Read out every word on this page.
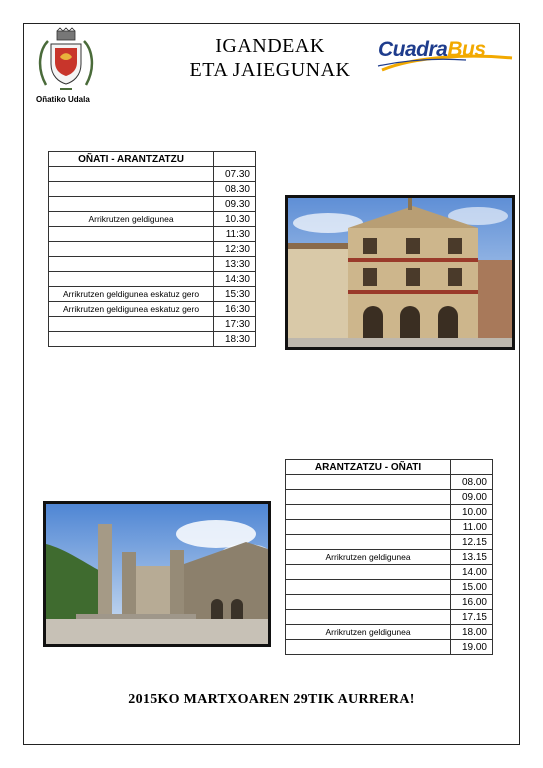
Oñatiko Udala
IGANDEAK
ETA JAIEGUNAK
CuadraBus
OÑATI - ARANTZATZU	
	07.30
	08.30
	09.30
Arrikrutzen geldigunea	10.30
	11:30
	12:30
	13:30
	14:30
Arrikrutzen geldigunea eskatuz gero	15:30
Arrikrutzen geldigunea eskatuz gero	16:30
	17:30
	18:30
ARANTZATZU - OÑATI	
	08.00
	09.00
	10.00
	11.00
	12.15
Arrikrutzen geldigunea	13.15
	14.00
	15.00
	16.00
	17.15
Arrikrutzen geldigunea	18.00
	19.00
2015KO MARTXOAREN 29TIK AURRERA!
